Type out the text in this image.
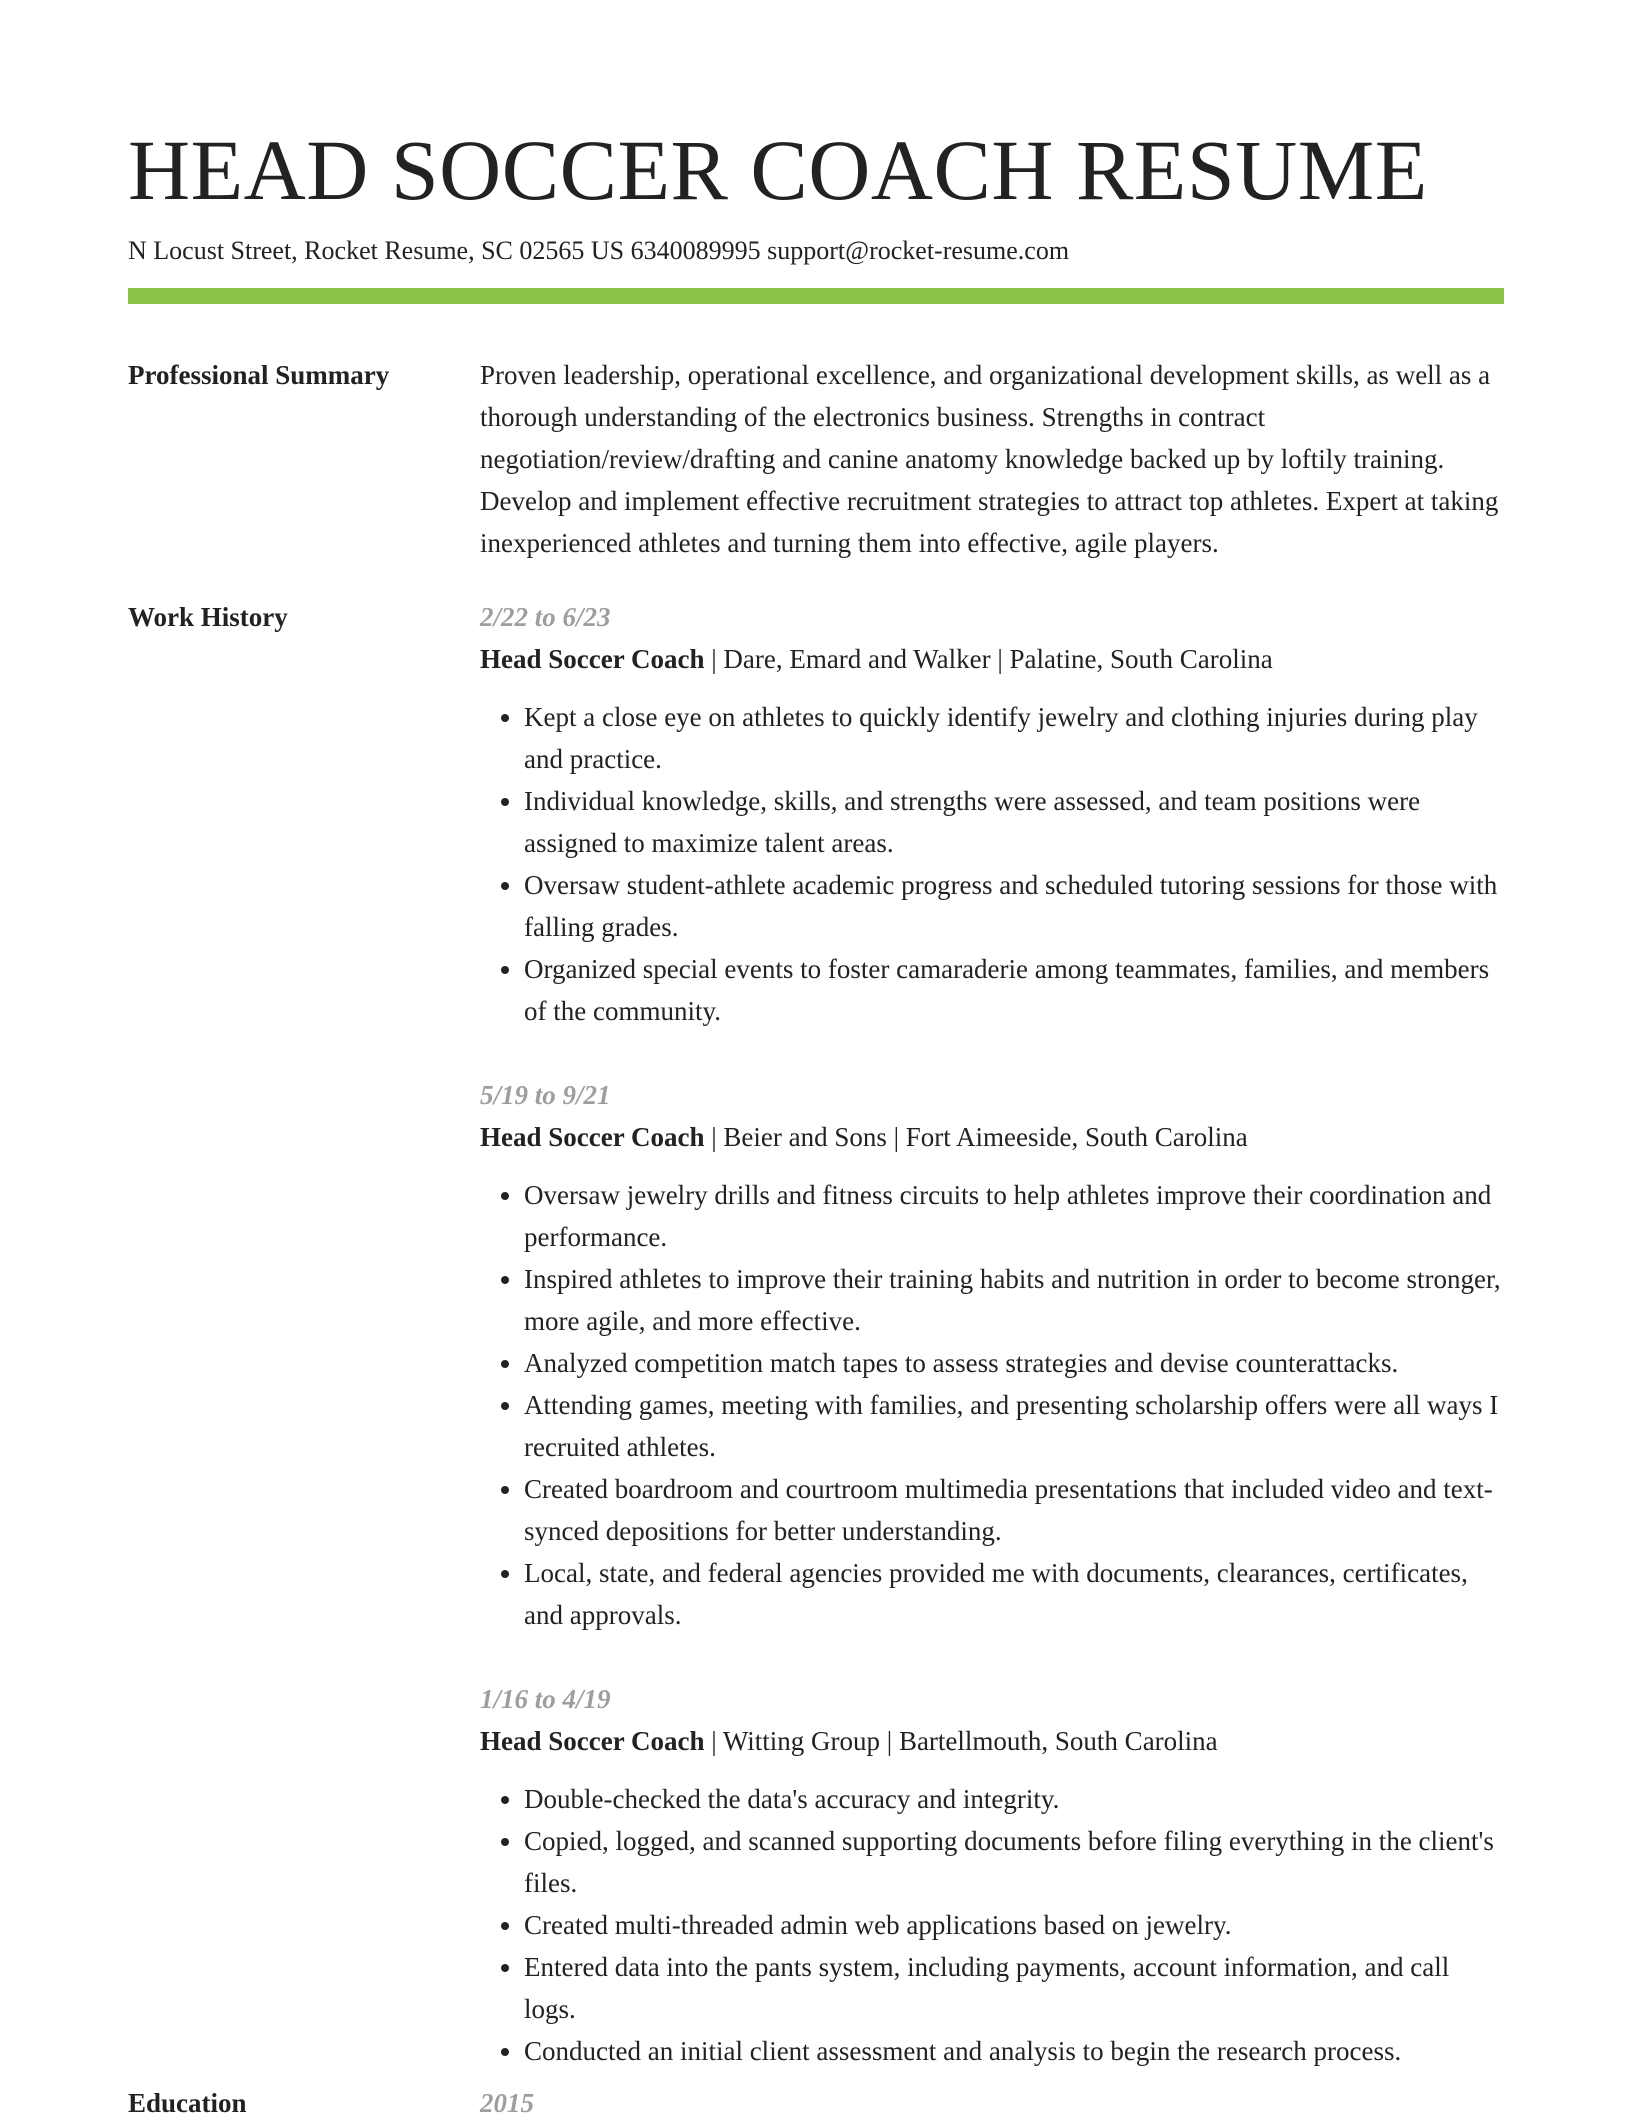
HEAD SOCCER COACH RESUME
N Locust Street, Rocket Resume, SC 02565 US 6340089995 support@rocket-resume.com
Professional Summary	Proven leadership, operational excellence, and organizational development skills, as well as a thorough understanding of the electronics business. Strengths in contract negotiation/review/drafting and canine anatomy knowledge backed up by loftily training. Develop and implement effective recruitment strategies to attract top athletes. Expert at taking inexperienced athletes and turning them into effective, agile players.

Work History	2/22 to 6/23
Head Soccer Coach | Dare, Emard and Walker | Palatine, South Carolina
• Kept a close eye on athletes to quickly identify jewelry and clothing injuries during play and practice.
• Individual knowledge, skills, and strengths were assessed, and team positions were assigned to maximize talent areas.
• Oversaw student-athlete academic progress and scheduled tutoring sessions for those with falling grades.
• Organized special events to foster camaraderie among teammates, families, and members of the community.
5/19 to 9/21
Head Soccer Coach | Beier and Sons | Fort Aimeeside, South Carolina
• Oversaw jewelry drills and fitness circuits to help athletes improve their coordination and performance.
• Inspired athletes to improve their training habits and nutrition in order to become stronger, more agile, and more effective.
• Analyzed competition match tapes to assess strategies and devise counterattacks.
• Attending games, meeting with families, and presenting scholarship offers were all ways I recruited athletes.
• Created boardroom and courtroom multimedia presentations that included video and text-synced depositions for better understanding.
• Local, state, and federal agencies provided me with documents, clearances, certificates, and approvals.
1/16 to 4/19
Head Soccer Coach | Witting Group | Bartellmouth, South Carolina
• Double-checked the data's accuracy and integrity.
• Copied, logged, and scanned supporting documents before filing everything in the client's files.
• Created multi-threaded admin web applications based on jewelry.
• Entered data into the pants system, including payments, account information, and call logs.
• Conducted an initial client assessment and analysis to begin the research process.
Education	2015
